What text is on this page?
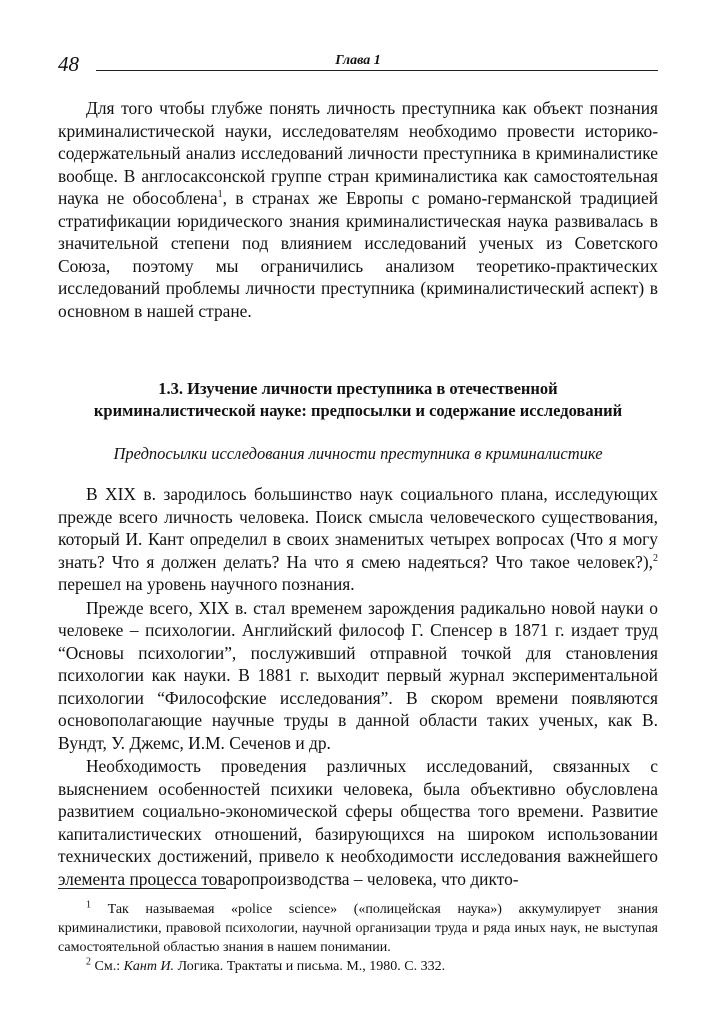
48	Глава 1

Для того чтобы глубже понять личность преступника как объект познания криминалистической науки, исследователям необходимо провести историко-содержательный анализ исследований личности преступника в криминалистике вообще. В англосаксонской группе стран криминалистика как самостоятельная наука не обособлена$^1$, в странах же Европы с романо-германской традицией стратификации юридического знания криминалистическая наука развивалась в значительной степени под влиянием исследований ученых из Советского Союза, поэтому мы ограничились анализом теоретико-практических исследований проблемы личности преступника (криминалистический аспект) в основном в нашей стране.

1.3. Изучение личности преступника в отечественной
криминалистической науке: предпосылки и содержание исследований
Предпосылки исследования личности преступника в криминалистике

В XIX в. зародилось большинство наук социального плана, исследующих прежде всего личность человека. Поиск смысла человеческого существования, который И. Кант определил в своих знаменитых четырех вопросах (Что я могу знать? Что я должен делать? На что я смею надеяться? Что такое человек?),$^2$ перешел на уровень научного познания.

Прежде всего, XIX в. стал временем зарождения радикально новой науки о человеке – психологии. Английский философ Г. Спенсер в 1871 г. издает труд “Основы психологии”, послуживший отправной точкой для становления психологии как науки. В 1881 г. выходит первый журнал экспериментальной психологии “Философские исследования”. В скором времени появляются основополагающие научные труды в данной области таких ученых, как В. Вундт, У. Джемс, И.М. Сеченов и др.

Необходимость проведения различных исследований, связанных с выяснением особенностей психики человека, была объективно обусловлена развитием социально-экономической сферы общества того времени. Развитие капиталистических отношений, базирующихся на широком использовании технических достижений, привело к необходимости исследования важнейшего элемента процесса товаропроизводства – человека, что дикто-

$^1$ Так называемая «police science» («полицейская наука») аккумулирует знания криминалистики, правовой психологии, научной организации труда и ряда иных наук, не выступая самостоятельной областью знания в нашем понимании.

$^2$ См.: Кант И. Логика. Трактаты и письма. М., 1980. С. 332.
